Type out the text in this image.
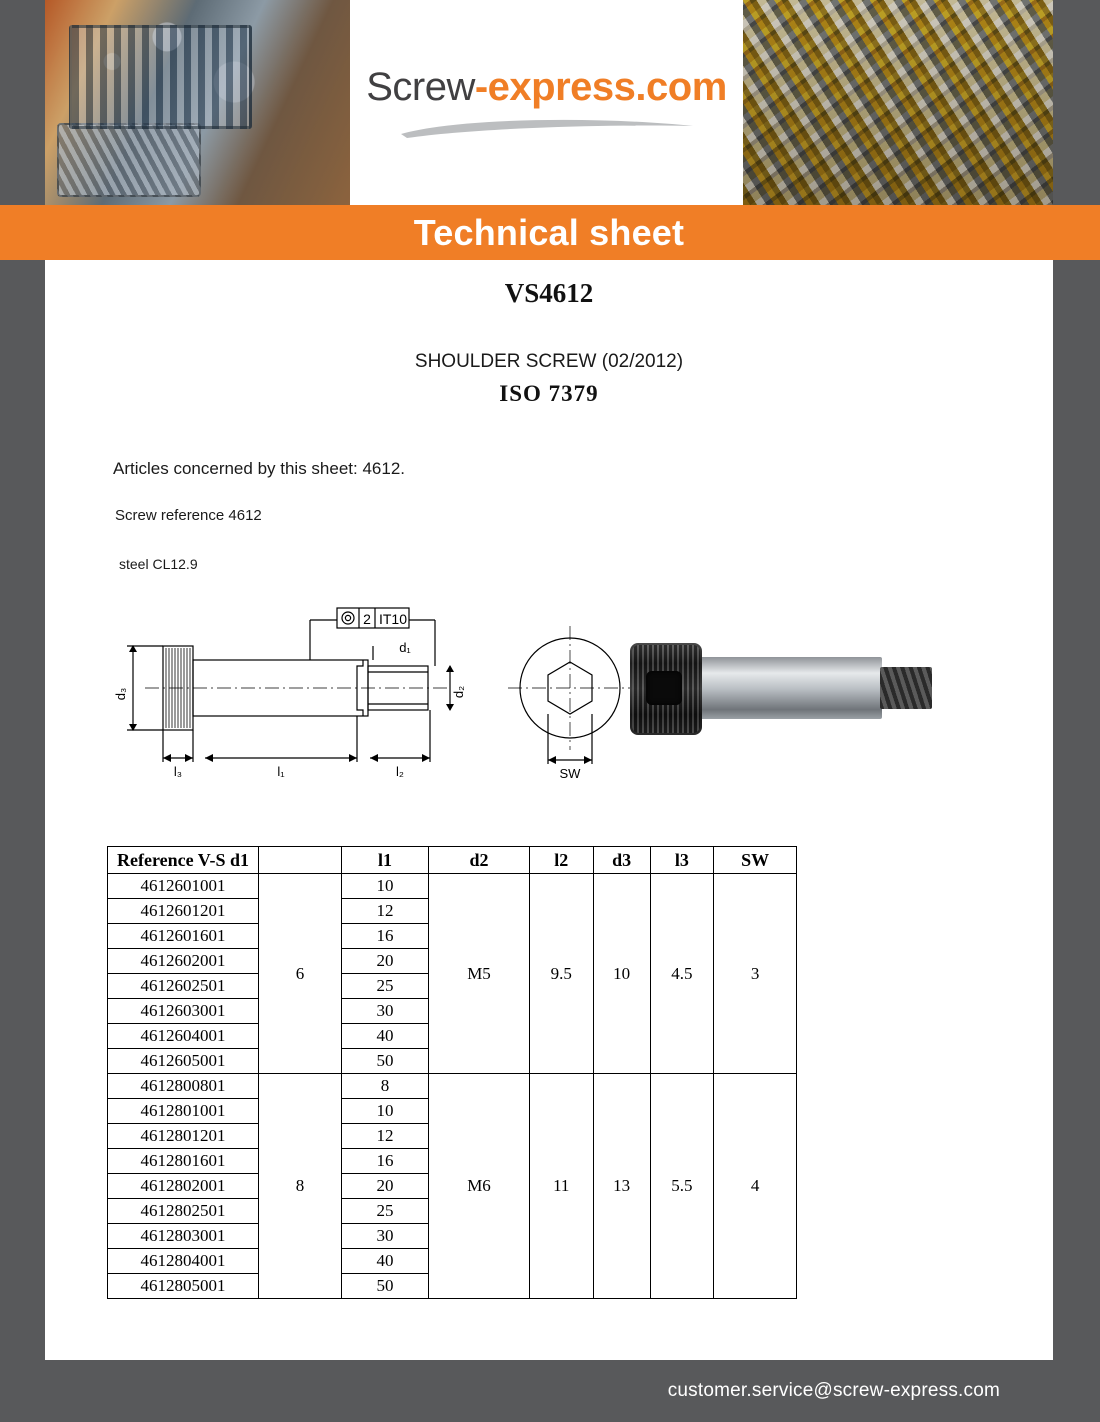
Screw-express.com
Technical sheet
VS4612
SHOULDER SCREW (02/2012)
ISO 7379
Articles concerned by this sheet: 4612.
Screw reference 4612
steel CL12.9
d₃
d₁
d₂
l₃	l₁	l₂
2 IT10
SW
Reference V-S d1		l1	d2	l2	d3	l3	SW
4612601001	6	10	M5	9.5	10	4.5	3
4612601201		12					
4612601601		16					
4612602001		20					
4612602501		25					
4612603001		30					
4612604001		40					
4612605001		50					
4612800801	8	8	M6	11	13	5.5	4
4612801001		10					
4612801201		12					
4612801601		16					
4612802001		20					
4612802501		25					
4612803001		30					
4612804001		40					
4612805001		50					
customer.service@screw-express.com
